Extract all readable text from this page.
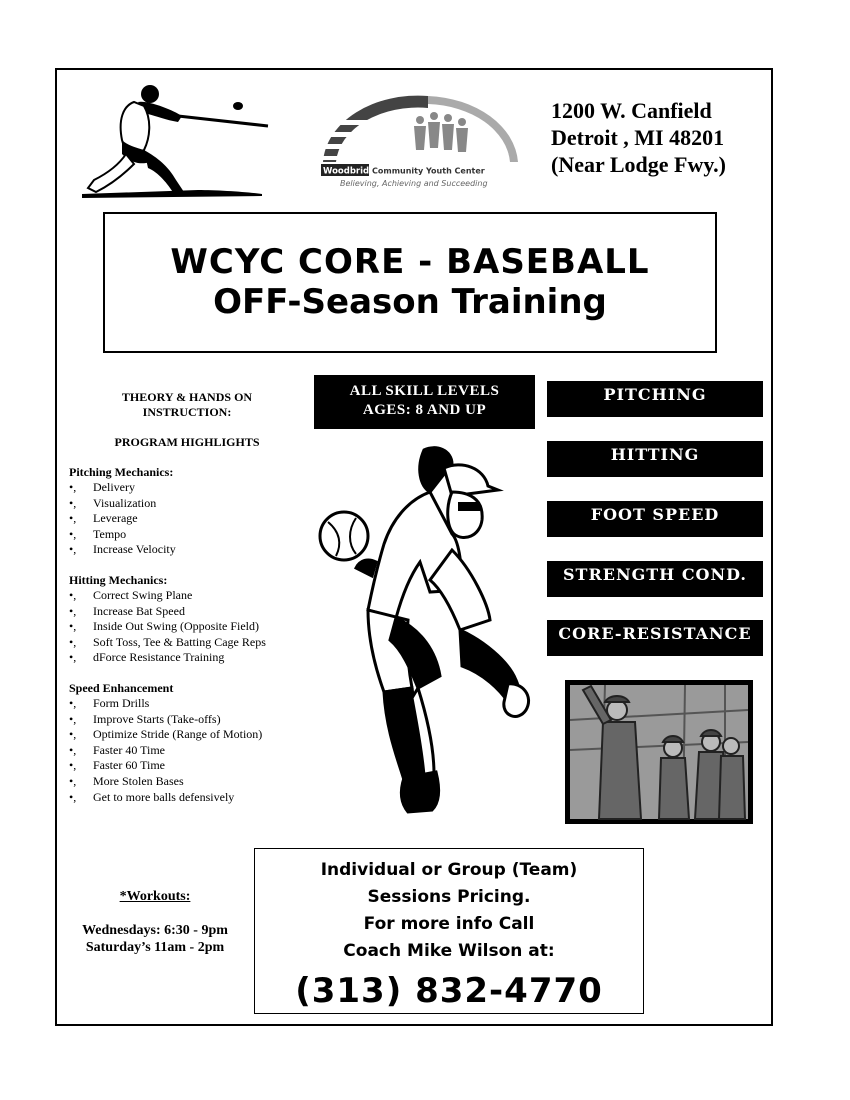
Woodbridge
Community Youth Center
Believing, Achieving and Succeeding
1200 W. Canfield
Detroit , MI 48201
(Near Lodge Fwy.)
WCYC CORE - BASEBALL
OFF-Season Training
THEORY & HANDS ON
INSTRUCTION:
PROGRAM HIGHLIGHTS
Pitching Mechanics:
•, Delivery
•, Visualization
•, Leverage
•, Tempo
•, Increase Velocity
Hitting Mechanics:
•, Correct Swing Plane
•, Increase Bat Speed
•, Inside Out Swing (Opposite Field)
•, Soft Toss, Tee & Batting Cage Reps
•, dForce Resistance Training
Speed Enhancement
•, Form Drills
•, Improve Starts (Take-offs)
•, Optimize Stride (Range of Motion)
•, Faster 40 Time
•, Faster 60 Time
•, More Stolen Bases
•, Get to more balls defensively
ALL SKILL LEVELS
AGES: 8 AND UP
PITCHING
HITTING
FOOT SPEED
STRENGTH COND.
CORE-RESISTANCE
*Workouts:
Wednesdays: 6:30 - 9pm
Saturday’s 11am - 2pm
Individual or Group (Team)
Sessions Pricing.
For more info Call
Coach Mike Wilson at:
(313) 832-4770
